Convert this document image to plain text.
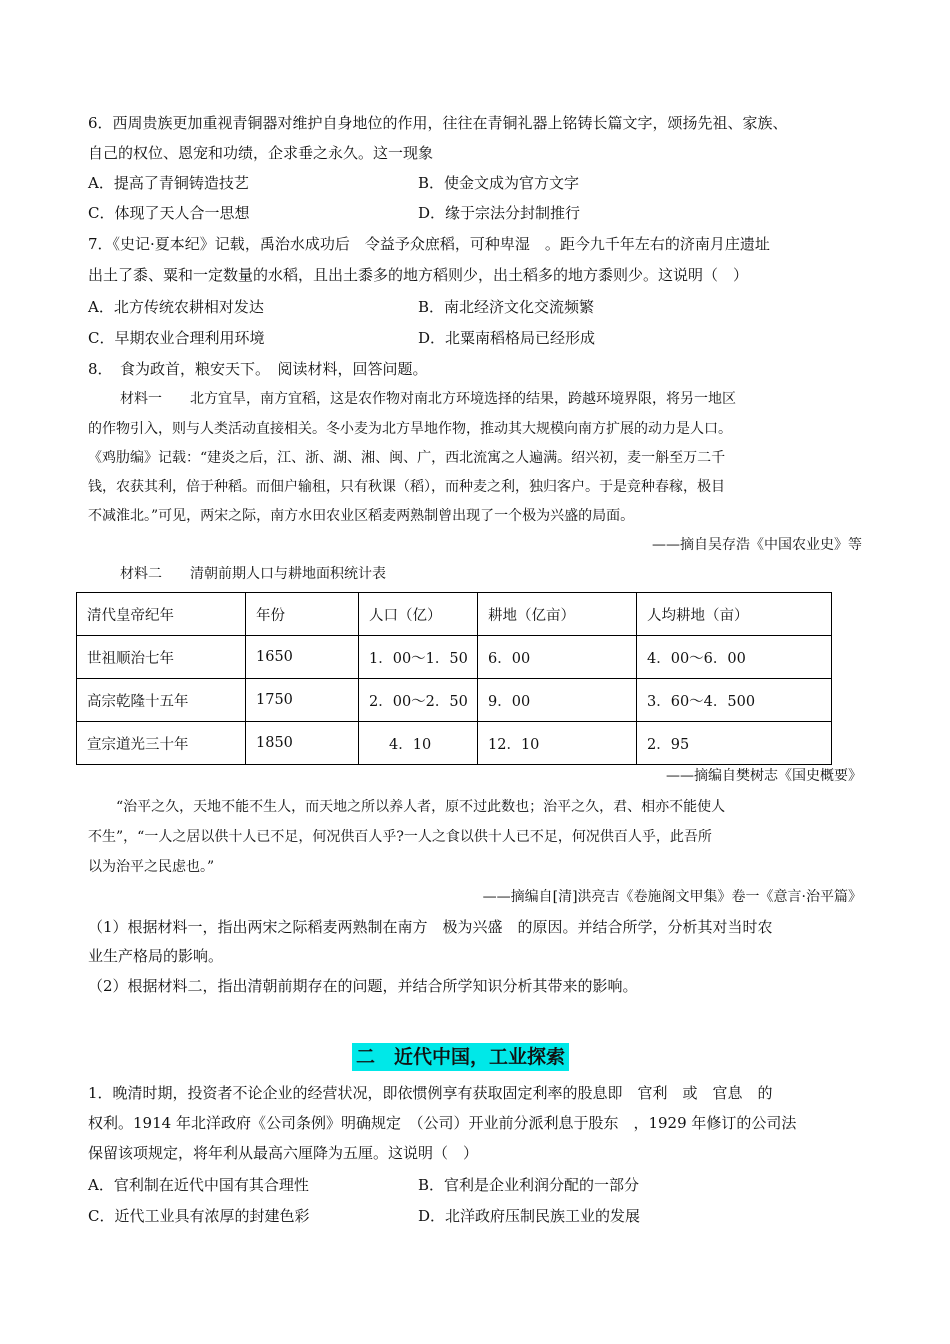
6．西周贵族更加重视青铜器对维护自身地位的作用，往往在青铜礼器上铭铸长篇文字，颂扬先祖、家族、
自己的权位、恩宠和功绩，企求垂之永久。这一现象
A．提高了青铜铸造技艺	B．使金文成为官方文字
C．体现了天人合一思想	D．缘于宗法分封制推行
7．《史记·夏本纪》记载，禹治水成功后　令益予众庶稻，可种卑湿　。距今九千年左右的济南月庄遗址
出土了黍、粟和一定数量的水稻，且出土黍多的地方稻则少，出土稻多的地方黍则少。这说明（　）
A．北方传统农耕相对发达	B．南北经济文化交流频繁
C．早期农业合理利用环境	D．北粟南稻格局已经形成
8．　食为政首，粮安天下。　阅读材料，回答问题。
材料一　　北方宜旱，南方宜稻，这是农作物对南北方环境选择的结果，跨越环境界限，将另一地区
的作物引入，则与人类活动直接相关。冬小麦为北方旱地作物，推动其大规模向南方扩展的动力是人口。
《鸡肋编》记载：“建炎之后，江、浙、湖、湘、闽、广，西北流寓之人遍满。绍兴初，麦一斛至万二千
钱，农获其利，倍于种稻。而佃户输租，只有秋课（稻），而种麦之利，独归客户。于是竞种春稼，极目
不减淮北。”可见，两宋之际，南方水田农业区稻麦两熟制曾出现了一个极为兴盛的局面。
——摘自吴存浩《中国农业史》等
材料二　　清朝前期人口与耕地面积统计表
清代皇帝纪年	年份	人口（亿）	耕地（亿亩）	人均耕地（亩）
世祖顺治七年	1650	1．00～1．50	6．00	4．00～6．00
高宗乾隆十五年	1750	2．00～2．50	9．00	3．60～4．500
宣宗道光三十年	1850	4．10	12．10	2．95
——摘编自樊树志《国史概要》
“治平之久，天地不能不生人，而天地之所以养人者，原不过此数也；治平之久，君、相亦不能使人
不生”，“一人之居以供十人已不足，何况供百人乎?一人之食以供十人已不足，何况供百人乎，此吾所
以为治平之民虑也。”
——摘编自[清]洪亮吉《卷施阁文甲集》卷一《意言·治平篇》
（1）根据材料一，指出两宋之际稻麦两熟制在南方　极为兴盛　的原因。并结合所学，分析其对当时农
业生产格局的影响。
（2）根据材料二，指出清朝前期存在的问题，并结合所学知识分析其带来的影响。
二　近代中国，工业探索
1．晚清时期，投资者不论企业的经营状况，即依惯例享有获取固定利率的股息即　官利　或　官息　的
权利。1914 年北洋政府《公司条例》明确规定　（公司）开业前分派利息于股东　，1929 年修订的公司法
保留该项规定，将年利从最高六厘降为五厘。这说明（　）
A．官利制在近代中国有其合理性	B．官利是企业利润分配的一部分
C．近代工业具有浓厚的封建色彩	D．北洋政府压制民族工业的发展
